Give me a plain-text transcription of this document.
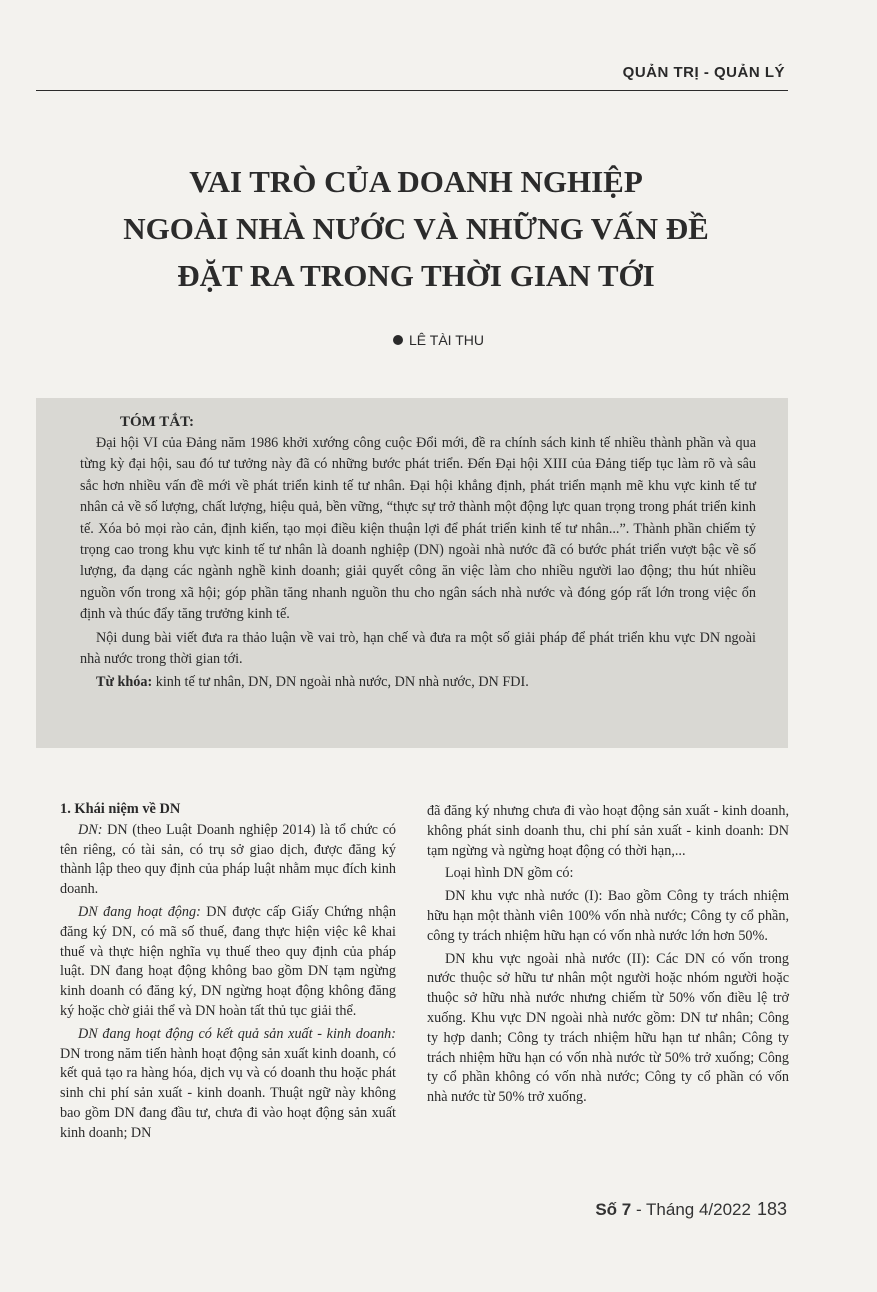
QUẢN TRỊ - QUẢN LÝ
VAI TRÒ CỦA DOANH NGHIỆP
NGOÀI NHÀ NƯỚC VÀ NHỮNG VẤN ĐỀ
ĐẶT RA TRONG THỜI GIAN TỚI
LÊ TÀI THU
TÓM TẮT:

Đại hội VI của Đảng năm 1986 khởi xướng công cuộc Đổi mới, đề ra chính sách kinh tế nhiều thành phần và qua từng kỳ đại hội, sau đó tư tưởng này đã có những bước phát triển. Đến Đại hội XIII của Đảng tiếp tục làm rõ và sâu sắc hơn nhiều vấn đề mới về phát triển kinh tế tư nhân. Đại hội khẳng định, phát triển mạnh mẽ khu vực kinh tế tư nhân cả về số lượng, chất lượng, hiệu quả, bền vững, “thực sự trở thành một động lực quan trọng trong phát triển kinh tế. Xóa bỏ mọi rào cản, định kiến, tạo mọi điều kiện thuận lợi để phát triển kinh tế tư nhân...”. Thành phần chiếm tỷ trọng cao trong khu vực kinh tế tư nhân là doanh nghiệp (DN) ngoài nhà nước đã có bước phát triển vượt bậc về số lượng, đa dạng các ngành nghề kinh doanh; giải quyết công ăn việc làm cho nhiều người lao động; thu hút nhiều nguồn vốn trong xã hội; góp phần tăng nhanh nguồn thu cho ngân sách nhà nước và đóng góp rất lớn trong việc ổn định và thúc đẩy tăng trưởng kinh tế.

Nội dung bài viết đưa ra thảo luận về vai trò, hạn chế và đưa ra một số giải pháp để phát triển khu vực DN ngoài nhà nước trong thời gian tới.

Từ khóa: kinh tế tư nhân, DN, DN ngoài nhà nước, DN nhà nước, DN FDI.

1. Khái niệm về DN

DN: DN (theo Luật Doanh nghiệp 2014) là tổ chức có tên riêng, có tài sản, có trụ sở giao dịch, được đăng ký thành lập theo quy định của pháp luật nhằm mục đích kinh doanh.

DN đang hoạt động: DN được cấp Giấy Chứng nhận đăng ký DN, có mã số thuế, đang thực hiện việc kê khai thuế và thực hiện nghĩa vụ thuế theo quy định của pháp luật. DN đang hoạt động không bao gồm DN tạm ngừng kinh doanh có đăng ký, DN ngừng hoạt động không đăng ký hoặc chờ giải thể và DN hoàn tất thủ tục giải thể.

DN đang hoạt động có kết quả sản xuất - kinh doanh: DN trong năm tiến hành hoạt động sản xuất kinh doanh, có kết quả tạo ra hàng hóa, dịch vụ và có doanh thu hoặc phát sinh chi phí sản xuất - kinh doanh. Thuật ngữ này không bao gồm DN đang đầu tư, chưa đi vào hoạt động sản xuất kinh doanh; DN

đã đăng ký nhưng chưa đi vào hoạt động sản xuất - kinh doanh, không phát sinh doanh thu, chi phí sản xuất - kinh doanh: DN tạm ngừng và ngừng hoạt động có thời hạn,...

Loại hình DN gồm có:

DN khu vực nhà nước (I): Bao gồm Công ty trách nhiệm hữu hạn một thành viên 100% vốn nhà nước; Công ty cổ phần, công ty trách nhiệm hữu hạn có vốn nhà nước lớn hơn 50%.

DN khu vực ngoài nhà nước (II): Các DN có vốn trong nước thuộc sở hữu tư nhân một người hoặc nhóm người hoặc thuộc sở hữu nhà nước nhưng chiếm từ 50% vốn điều lệ trở xuống. Khu vực DN ngoài nhà nước gồm: DN tư nhân; Công ty hợp danh; Công ty trách nhiệm hữu hạn tư nhân; Công ty trách nhiệm hữu hạn có vốn nhà nước từ 50% trở xuống; Công ty cổ phần không có vốn nhà nước; Công ty cổ phần có vốn nhà nước từ 50% trở xuống.

Số 7 - Tháng 4/2022 183
